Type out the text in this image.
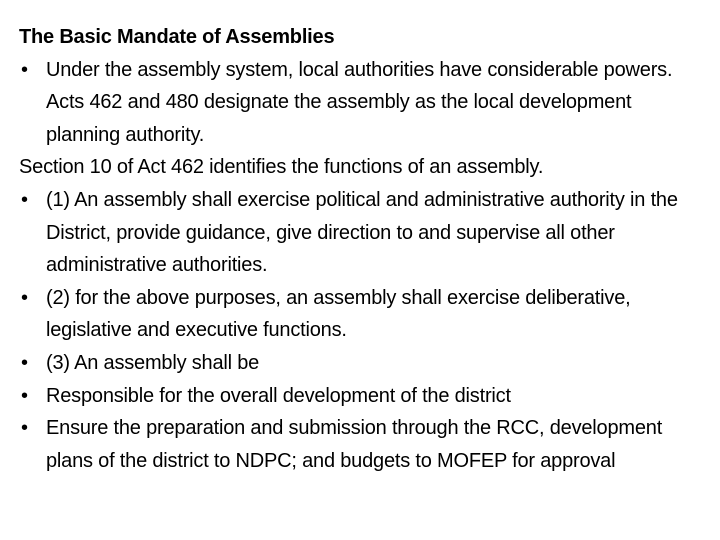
The Basic Mandate of Assemblies

• Under the assembly system, local authorities have considerable powers. Acts 462 and 480 designate the assembly as the local development planning authority.

Section 10 of Act 462 identifies the functions of an assembly.

• (1) An assembly shall exercise political and administrative authority in the District, provide guidance, give direction to and supervise all other administrative authorities.
• (2) for the above purposes, an assembly shall exercise deliberative, legislative and executive functions.
• (3) An assembly shall be
• Responsible for the overall development of the district
• Ensure the preparation and submission through the RCC, development plans of the district to NDPC; and budgets to MOFEP for approval
